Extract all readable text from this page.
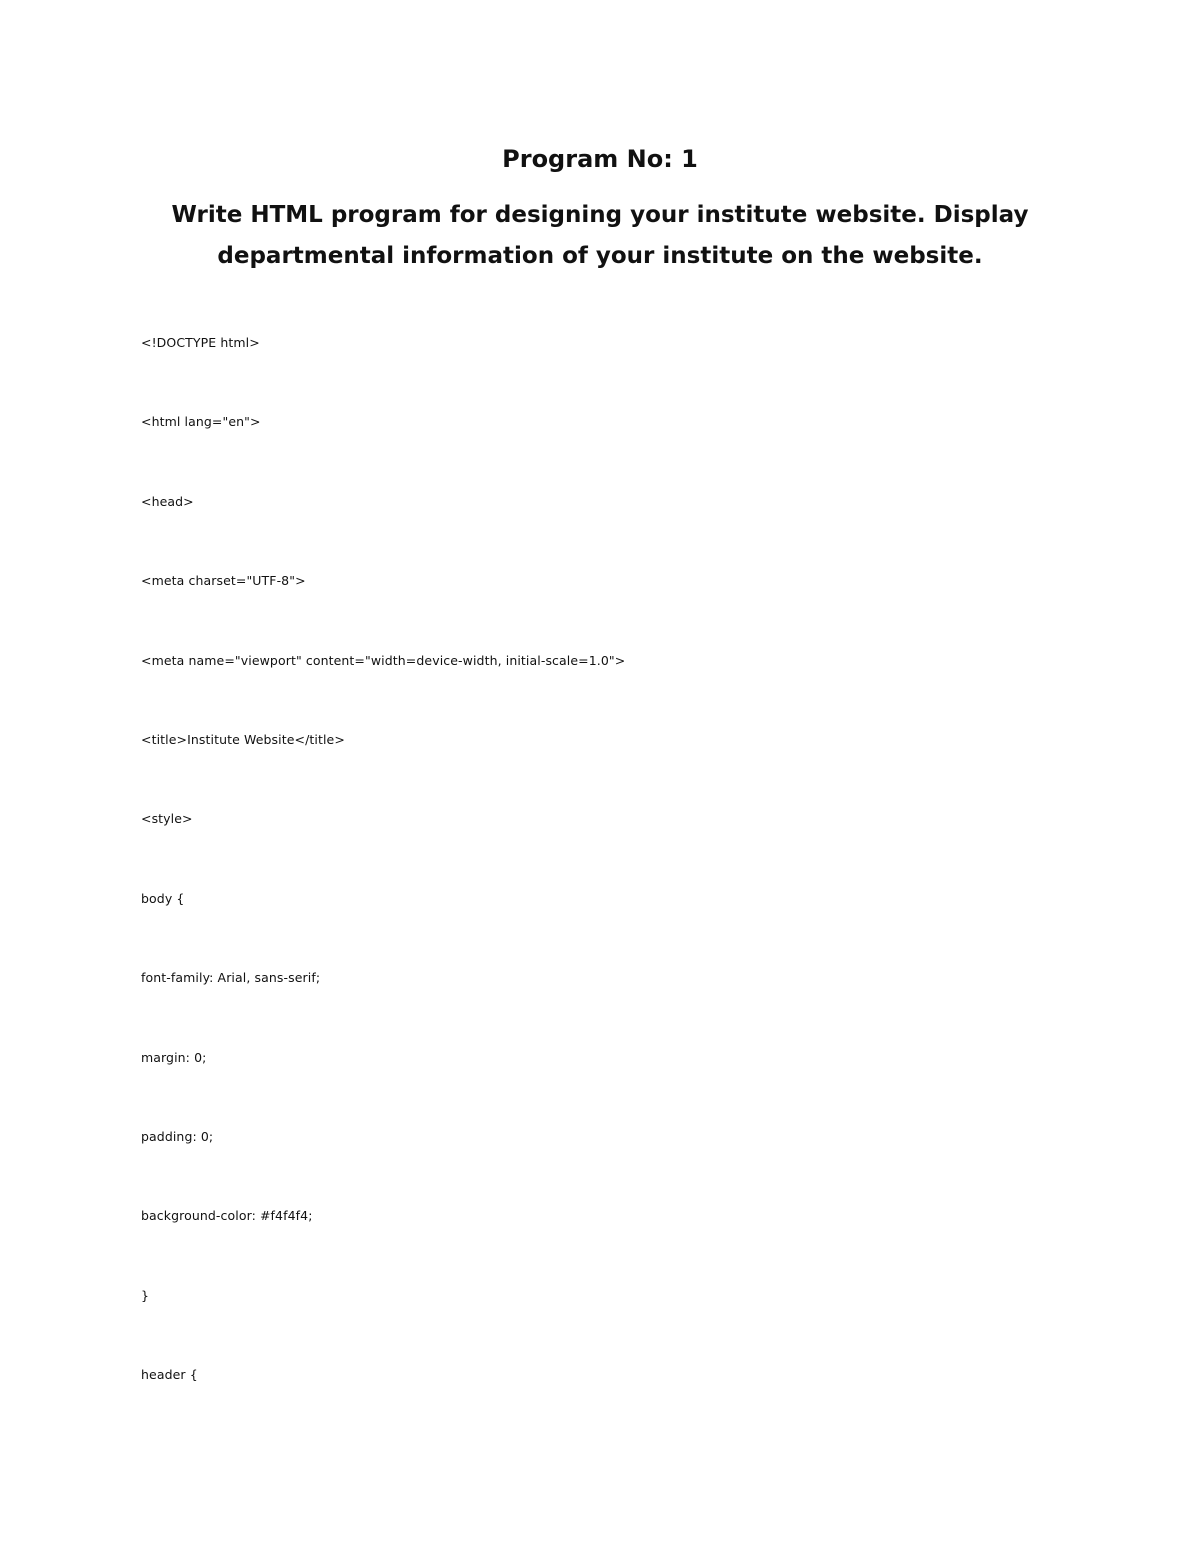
Program No: 1
Write HTML program for designing your institute website. Display departmental information of your institute on the website.
<!DOCTYPE html>
<html lang="en">
<head>
<meta charset="UTF-8">
<meta name="viewport" content="width=device-width, initial-scale=1.0">
<title>Institute Website</title>
<style>
body {
font-family: Arial, sans-serif;
margin: 0;
padding: 0;
background-color: #f4f4f4;
}
header {
